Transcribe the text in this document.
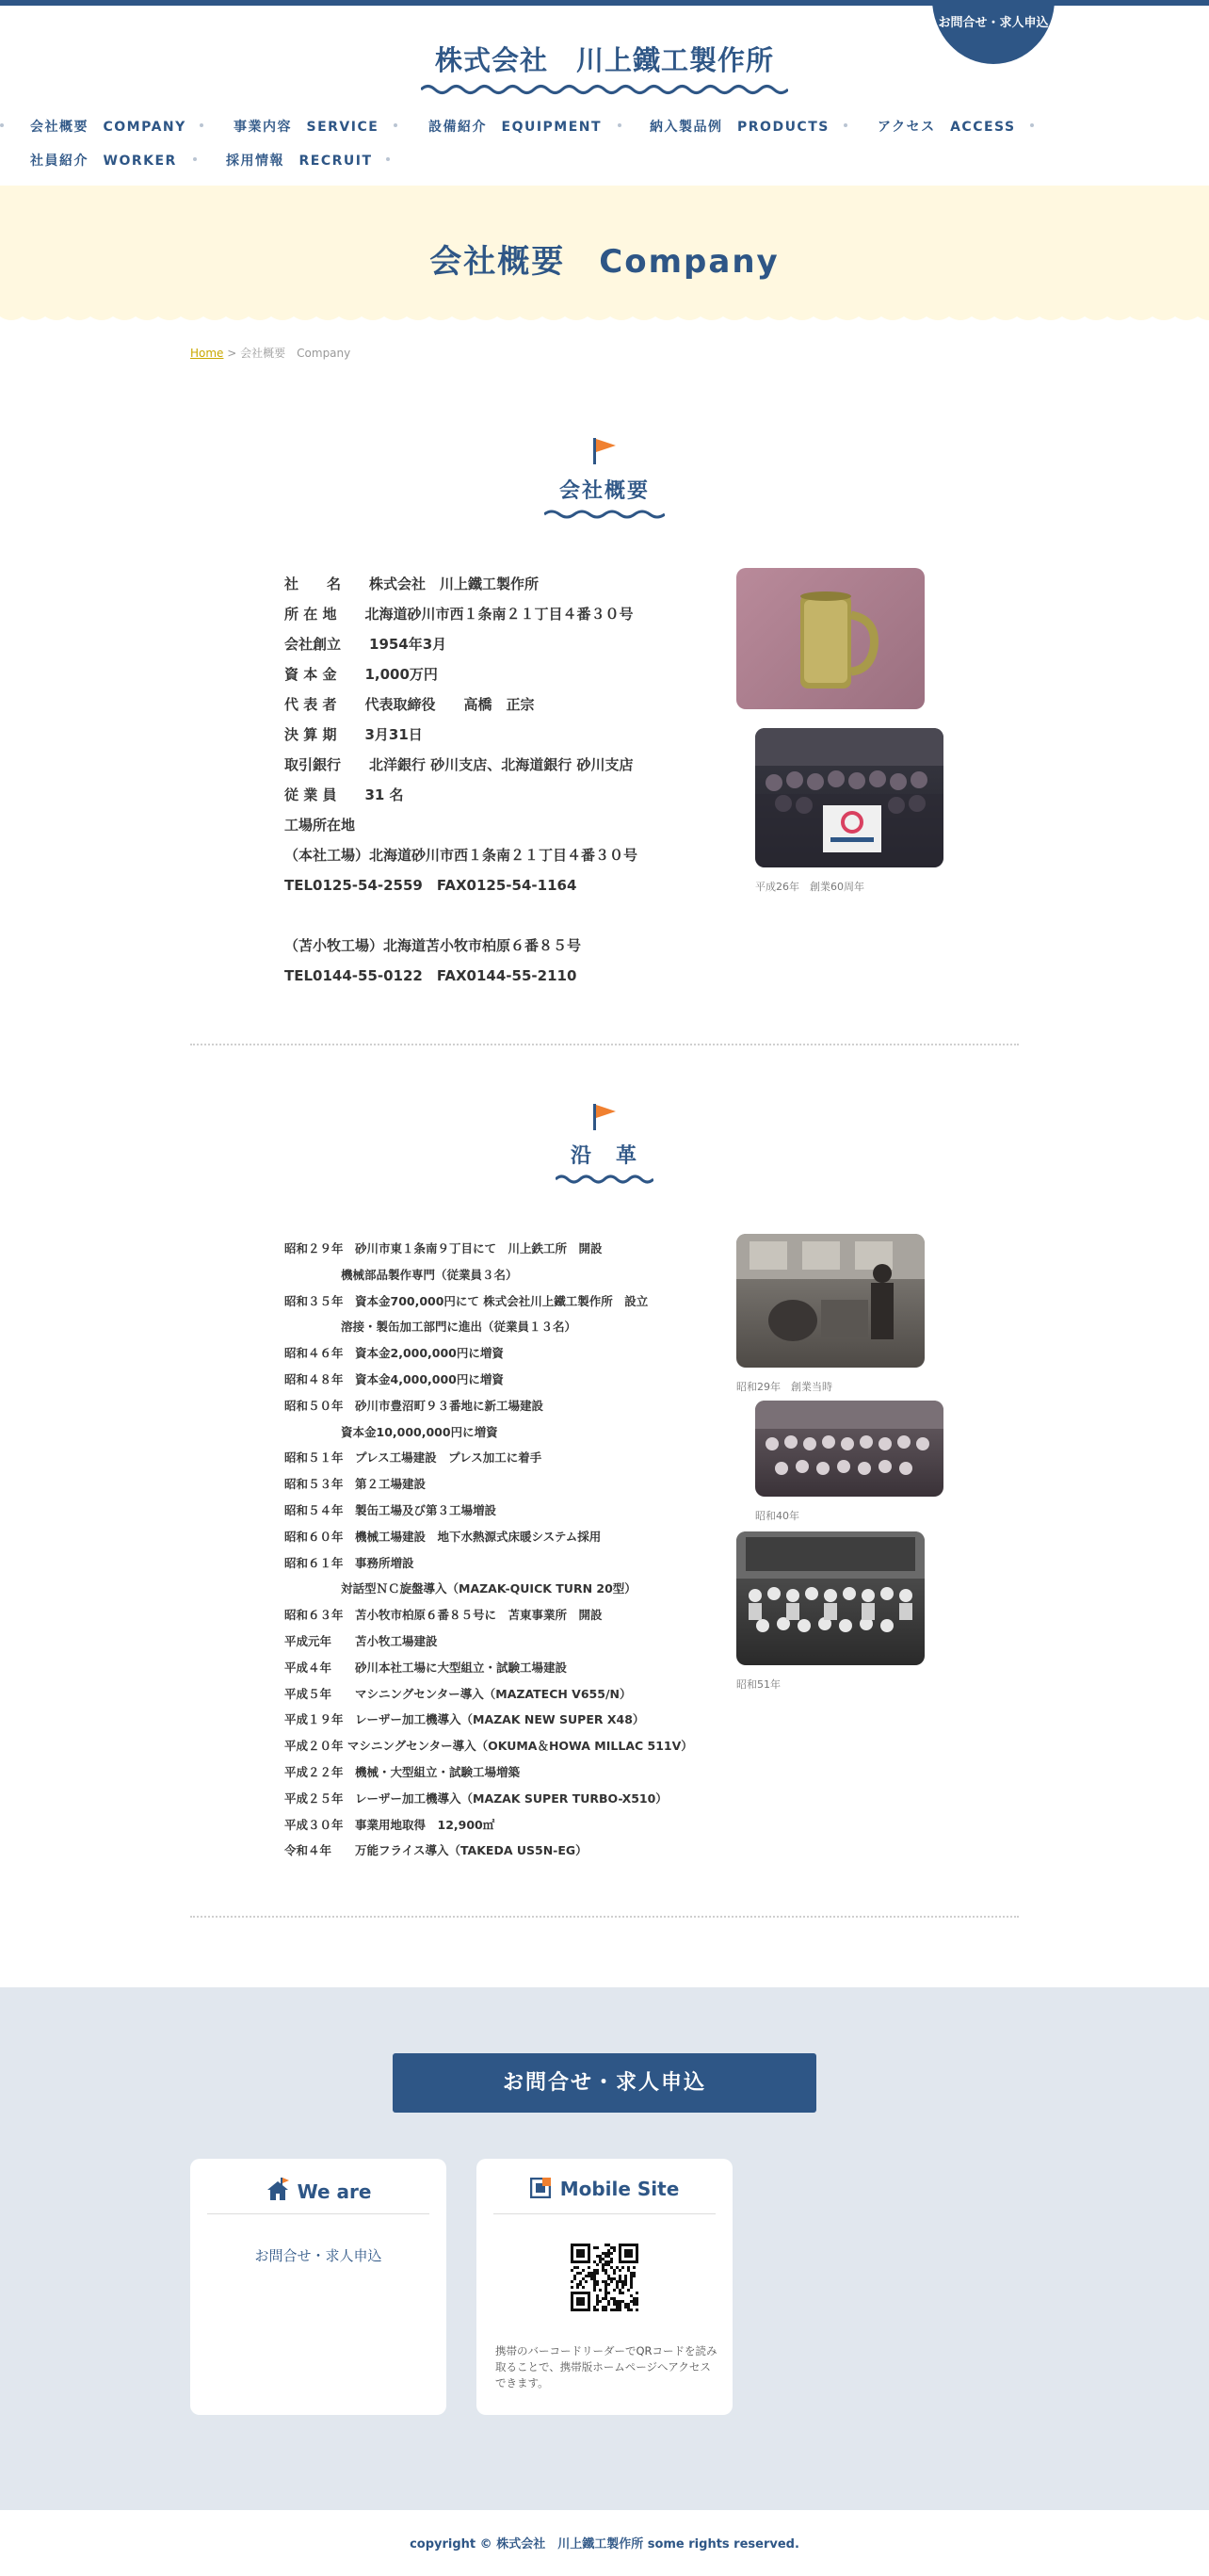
お問合せ・求人申込
株式会社　川上鐵工製作所
会社概要　COMPANY	事業内容　SERVICE	設備紹介　EQUIPMENT	納入製品例　PRODUCTS	アクセス　ACCESS
社員紹介　WORKER	採用情報　RECRUIT
会社概要　Company
Home > 会社概要　Company
会社概要
社　　名　　株式会社　川上鐵工製作所
所 在 地　　北海道砂川市西１条南２１丁目４番３０号
会社創立　　1954年3月
資 本 金　　1,000万円
代 表 者　　代表取締役　　高橋　正宗
決 算 期　　3月31日
取引銀行　　北洋銀行 砂川支店、北海道銀行 砂川支店
従 業 員　　31 名
工場所在地
（本社工場）北海道砂川市西１条南２１丁目４番３０号
TEL0125-54-2559　FAX0125-54-1164
（苫小牧工場）北海道苫小牧市柏原６番８５号
TEL0144-55-0122　FAX0144-55-2110
平成26年　創業60周年
沿　革
昭和２９年　砂川市東１条南９丁目にて　川上鉄工所　開設
機械部品製作専門（従業員３名）
昭和３５年　資本金700,000円にて 株式会社川上鐵工製作所　設立
溶接・製缶加工部門に進出（従業員１３名）
昭和４６年　資本金2,000,000円に増資
昭和４８年　資本金4,000,000円に増資
昭和５０年　砂川市豊沼町９３番地に新工場建設
資本金10,000,000円に増資
昭和５１年　プレス工場建設　プレス加工に着手
昭和５３年　第２工場建設
昭和５４年　製缶工場及び第３工場増設
昭和６０年　機械工場建設　地下水熱源式床暖システム採用
昭和６１年　事務所増設
対話型ＮＣ旋盤導入（MAZAK-QUICK TURN 20型）
昭和６３年　苫小牧市柏原６番８５号に　苫東事業所　開設
平成元年　　苫小牧工場建設
平成４年　　砂川本社工場に大型組立・試験工場建設
平成５年　　マシニングセンター導入（MAZATECH V655/N）
平成１９年　レーザー加工機導入（MAZAK NEW SUPER X48）
平成２０年 マシニングセンター導入（OKUMA＆HOWA MILLAC 511V）
平成２２年　機械・大型組立・試験工場増築
平成２５年　レーザー加工機導入（MAZAK SUPER TURBO-X510）
平成３０年　事業用地取得　12,900㎡
令和４年　　万能フライス導入（TAKEDA US5N-EG）
昭和29年　創業当時
昭和40年
昭和51年
お問合せ・求人申込
We are
お問合せ・求人申込
Mobile Site

携帯のバーコードリーダーでQRコードを読み取ることで、携帯版ホームページへアクセスできます。

copyright © 株式会社　川上鐵工製作所 some rights reserved.
